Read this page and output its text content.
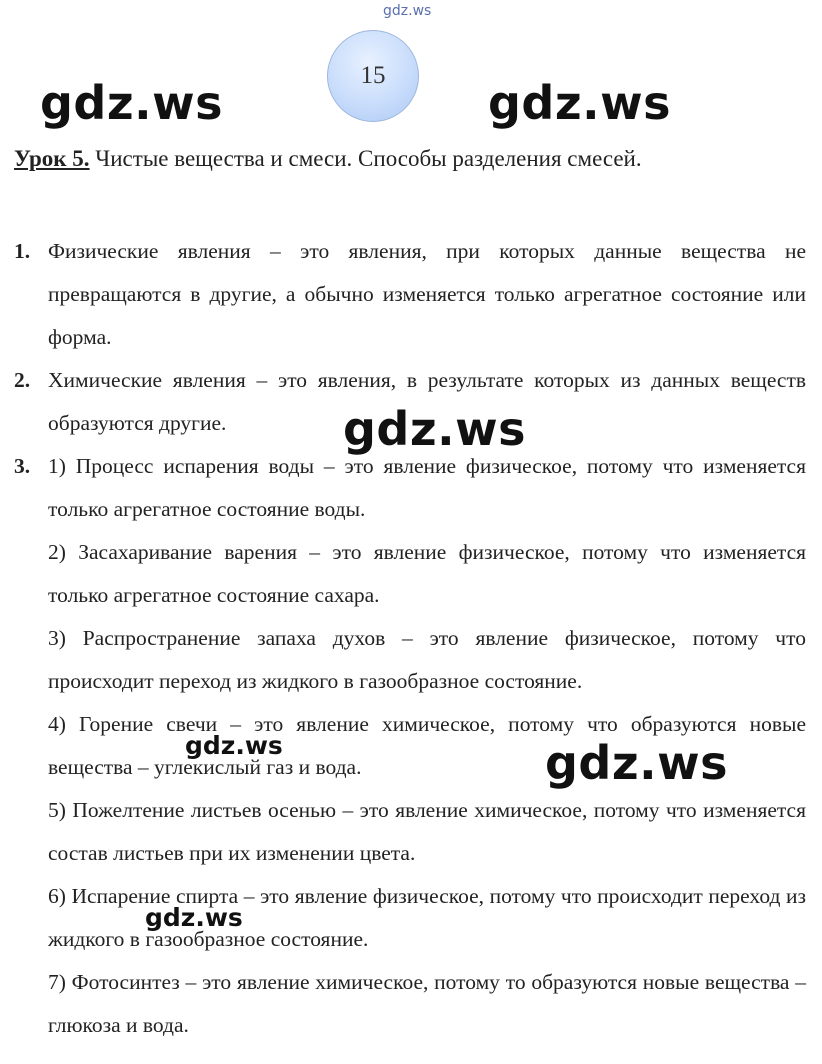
gdz.ws
15
Урок 5. Чистые вещества и смеси. Способы разделения смесей.
1. Физические явления – это явления, при которых данные вещества не превращаются в другие, а обычно изменяется только агрегатное состояние или форма.
2. Химические явления – это явления, в результате которых из данных веществ образуются другие.
3. 1) Процесс испарения воды – это явление физическое, потому что изменяется только агрегатное состояние воды.
2) Засахаривание варения – это явление физическое, потому что изменяется только агрегатное состояние сахара.
3) Распространение запаха духов – это явление физическое, потому что происходит переход из жидкого в газообразное состояние.
4) Горение свечи – это явление химическое, потому что образуются новые вещества – углекислый газ и вода.
5) Пожелтение листьев осенью – это явление химическое, потому что изменяется состав листьев при их изменении цвета.
6) Испарение спирта – это явление физическое, потому что происходит переход из жидкого в газообразное состояние.
7) Фотосинтез – это явление химическое, потому то образуются новые вещества – глюкоза и вода.
gdz.ws	gdz.ws
gdz.ws
gdz.ws	gdz.ws
gdz.ws
